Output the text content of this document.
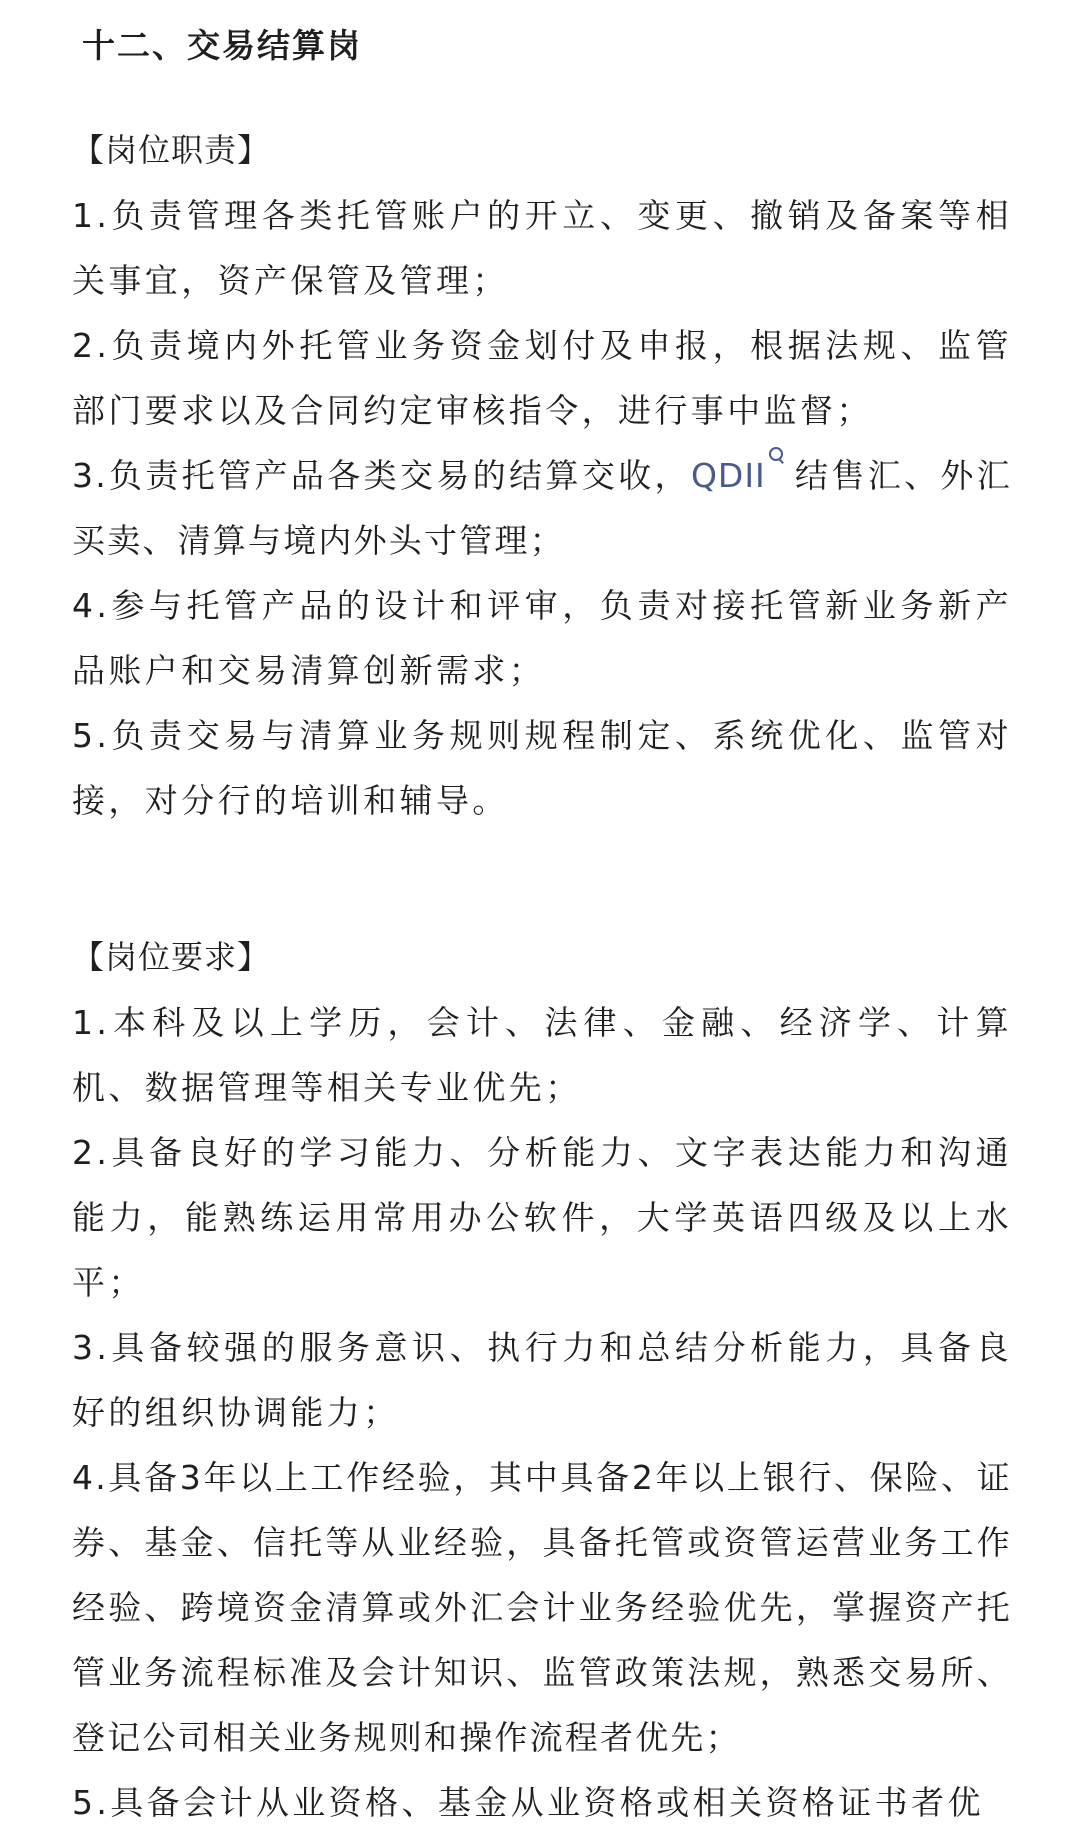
十二、交易结算岗
【岗位职责】
1.负责管理各类托管账户的开立、变更、撤销及备案等相关事宜，资产保管及管理；
2.负责境内外托管业务资金划付及申报，根据法规、监管部门要求以及合同约定审核指令，进行事中监督；
3.负责托管产品各类交易的结算交收，QDII 结售汇、外汇买卖、清算与境内外头寸管理；
4.参与托管产品的设计和评审，负责对接托管新业务新产品账户和交易清算创新需求；
5.负责交易与清算业务规则规程制定、系统优化、监管对接，对分行的培训和辅导。
【岗位要求】
1.本科及以上学历，会计、法律、金融、经济学、计算机、数据管理等相关专业优先；
2.具备良好的学习能力、分析能力、文字表达能力和沟通能力，能熟练运用常用办公软件，大学英语四级及以上水平；
3.具备较强的服务意识、执行力和总结分析能力，具备良好的组织协调能力；
4.具备3年以上工作经验，其中具备2年以上银行、保险、证券、基金、信托等从业经验，具备托管或资管运营业务工作经验、跨境资金清算或外汇会计业务经验优先，掌握资产托管业务流程标准及会计知识、监管政策法规，熟悉交易所、登记公司相关业务规则和操作流程者优先；
5.具备会计从业资格、基金从业资格或相关资格证书者优
